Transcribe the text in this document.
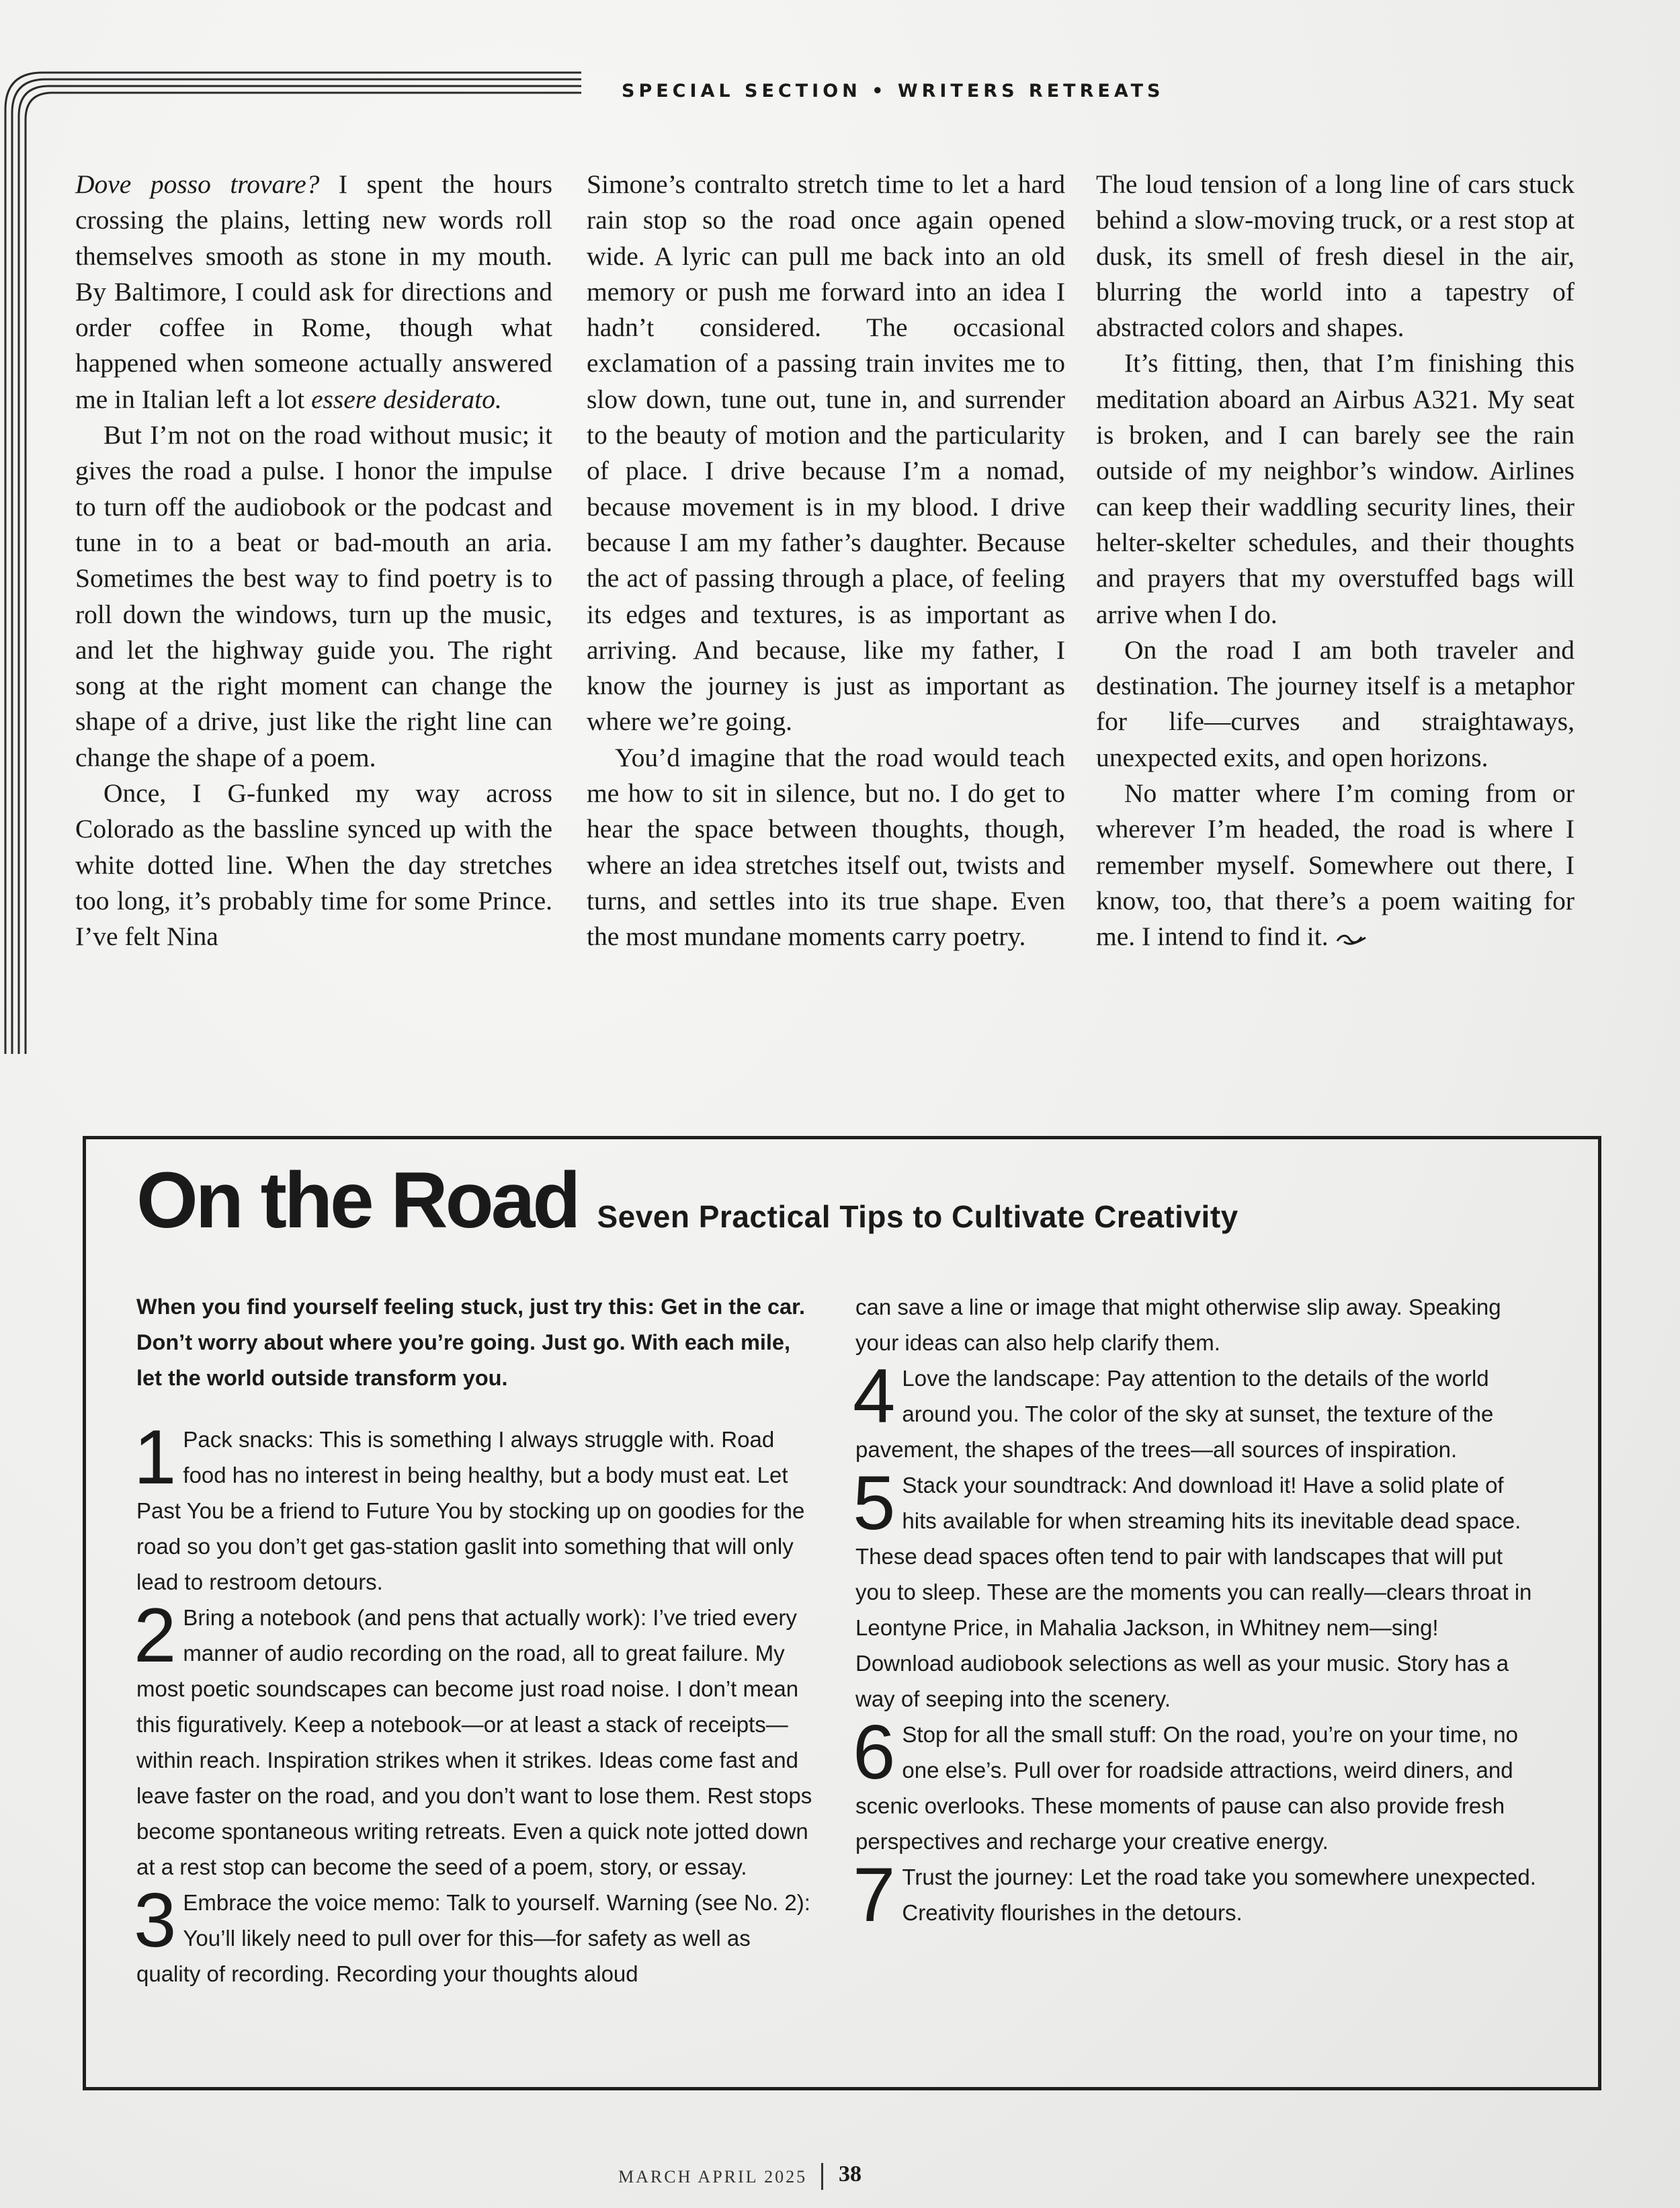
SPECIAL SECTION • WRITERS RETREATS

Dove posso trovare? I spent the hours crossing the plains, letting new words roll themselves smooth as stone in my mouth. By Baltimore, I could ask for directions and order coffee in Rome, though what happened when someone actually answered me in Italian left a lot essere desiderato.

But I’m not on the road without music; it gives the road a pulse. I honor the impulse to turn off the audiobook or the podcast and tune in to a beat or bad-mouth an aria. Sometimes the best way to find poetry is to roll down the windows, turn up the music, and let the highway guide you. The right song at the right moment can change the shape of a drive, just like the right line can change the shape of a poem.

Once, I G-funked my way across Colorado as the bassline synced up with the white dotted line. When the day stretches too long, it’s probably time for some Prince. I’ve felt Nina

Simone’s contralto stretch time to let a hard rain stop so the road once again opened wide. A lyric can pull me back into an old memory or push me forward into an idea I hadn’t considered. The occasional exclamation of a passing train invites me to slow down, tune out, tune in, and surrender to the beauty of motion and the particularity of place. I drive because I’m a nomad, because movement is in my blood. I drive because I am my father’s daughter. Because the act of passing through a place, of feeling its edges and textures, is as important as arriving. And because, like my father, I know the journey is just as important as where we’re going.

You’d imagine that the road would teach me how to sit in silence, but no. I do get to hear the space between thoughts, though, where an idea stretches itself out, twists and turns, and settles into its true shape. Even the most mundane moments carry poetry.

The loud tension of a long line of cars stuck behind a slow-moving truck, or a rest stop at dusk, its smell of fresh diesel in the air, blurring the world into a tapestry of abstracted colors and shapes.

It’s fitting, then, that I’m finishing this meditation aboard an Airbus A321. My seat is broken, and I can barely see the rain outside of my neighbor’s window. Airlines can keep their waddling security lines, their helter-skelter schedules, and their thoughts and prayers that my overstuffed bags will arrive when I do.

On the road I am both traveler and destination. The journey itself is a metaphor for life—curves and straightaways, unexpected exits, and open horizons.

No matter where I’m coming from or wherever I’m headed, the road is where I remember myself. Somewhere out there, I know, too, that there’s a poem waiting for me. I intend to find it.

On the Road Seven Practical Tips to Cultivate Creativity

When you find yourself feeling stuck, just try this: Get in the car. Don’t worry about where you’re going. Just go. With each mile, let the world outside transform you.

1 Pack snacks: This is something I always struggle with. Road food has no interest in being healthy, but a body must eat. Let Past You be a friend to Future You by stocking up on goodies for the road so you don’t get gas-station gaslit into something that will only lead to restroom detours.

2 Bring a notebook (and pens that actually work): I’ve tried every manner of audio recording on the road, all to great failure. My most poetic soundscapes can become just road noise. I don’t mean this figuratively. Keep a notebook—or at least a stack of receipts—within reach. Inspiration strikes when it strikes. Ideas come fast and leave faster on the road, and you don’t want to lose them. Rest stops become spontaneous writing retreats. Even a quick note jotted down at a rest stop can become the seed of a poem, story, or essay.

3 Embrace the voice memo: Talk to yourself. Warning (see No. 2): You’ll likely need to pull over for this—for safety as well as quality of recording. Recording your thoughts aloud

can save a line or image that might otherwise slip away. Speaking your ideas can also help clarify them.

4 Love the landscape: Pay attention to the details of the world around you. The color of the sky at sunset, the texture of the pavement, the shapes of the trees—all sources of inspiration.

5 Stack your soundtrack: And download it! Have a solid plate of hits available for when streaming hits its inevitable dead space. These dead spaces often tend to pair with landscapes that will put you to sleep. These are the moments you can really—clears throat in Leontyne Price, in Mahalia Jackson, in Whitney nem—sing! Download audiobook selections as well as your music. Story has a way of seeping into the scenery.

6 Stop for all the small stuff: On the road, you’re on your time, no one else’s. Pull over for roadside attractions, weird diners, and scenic overlooks. These moments of pause can also provide fresh perspectives and recharge your creative energy.

7 Trust the journey: Let the road take you somewhere unexpected. Creativity flourishes in the detours.

MARCH APRIL 2025 38
